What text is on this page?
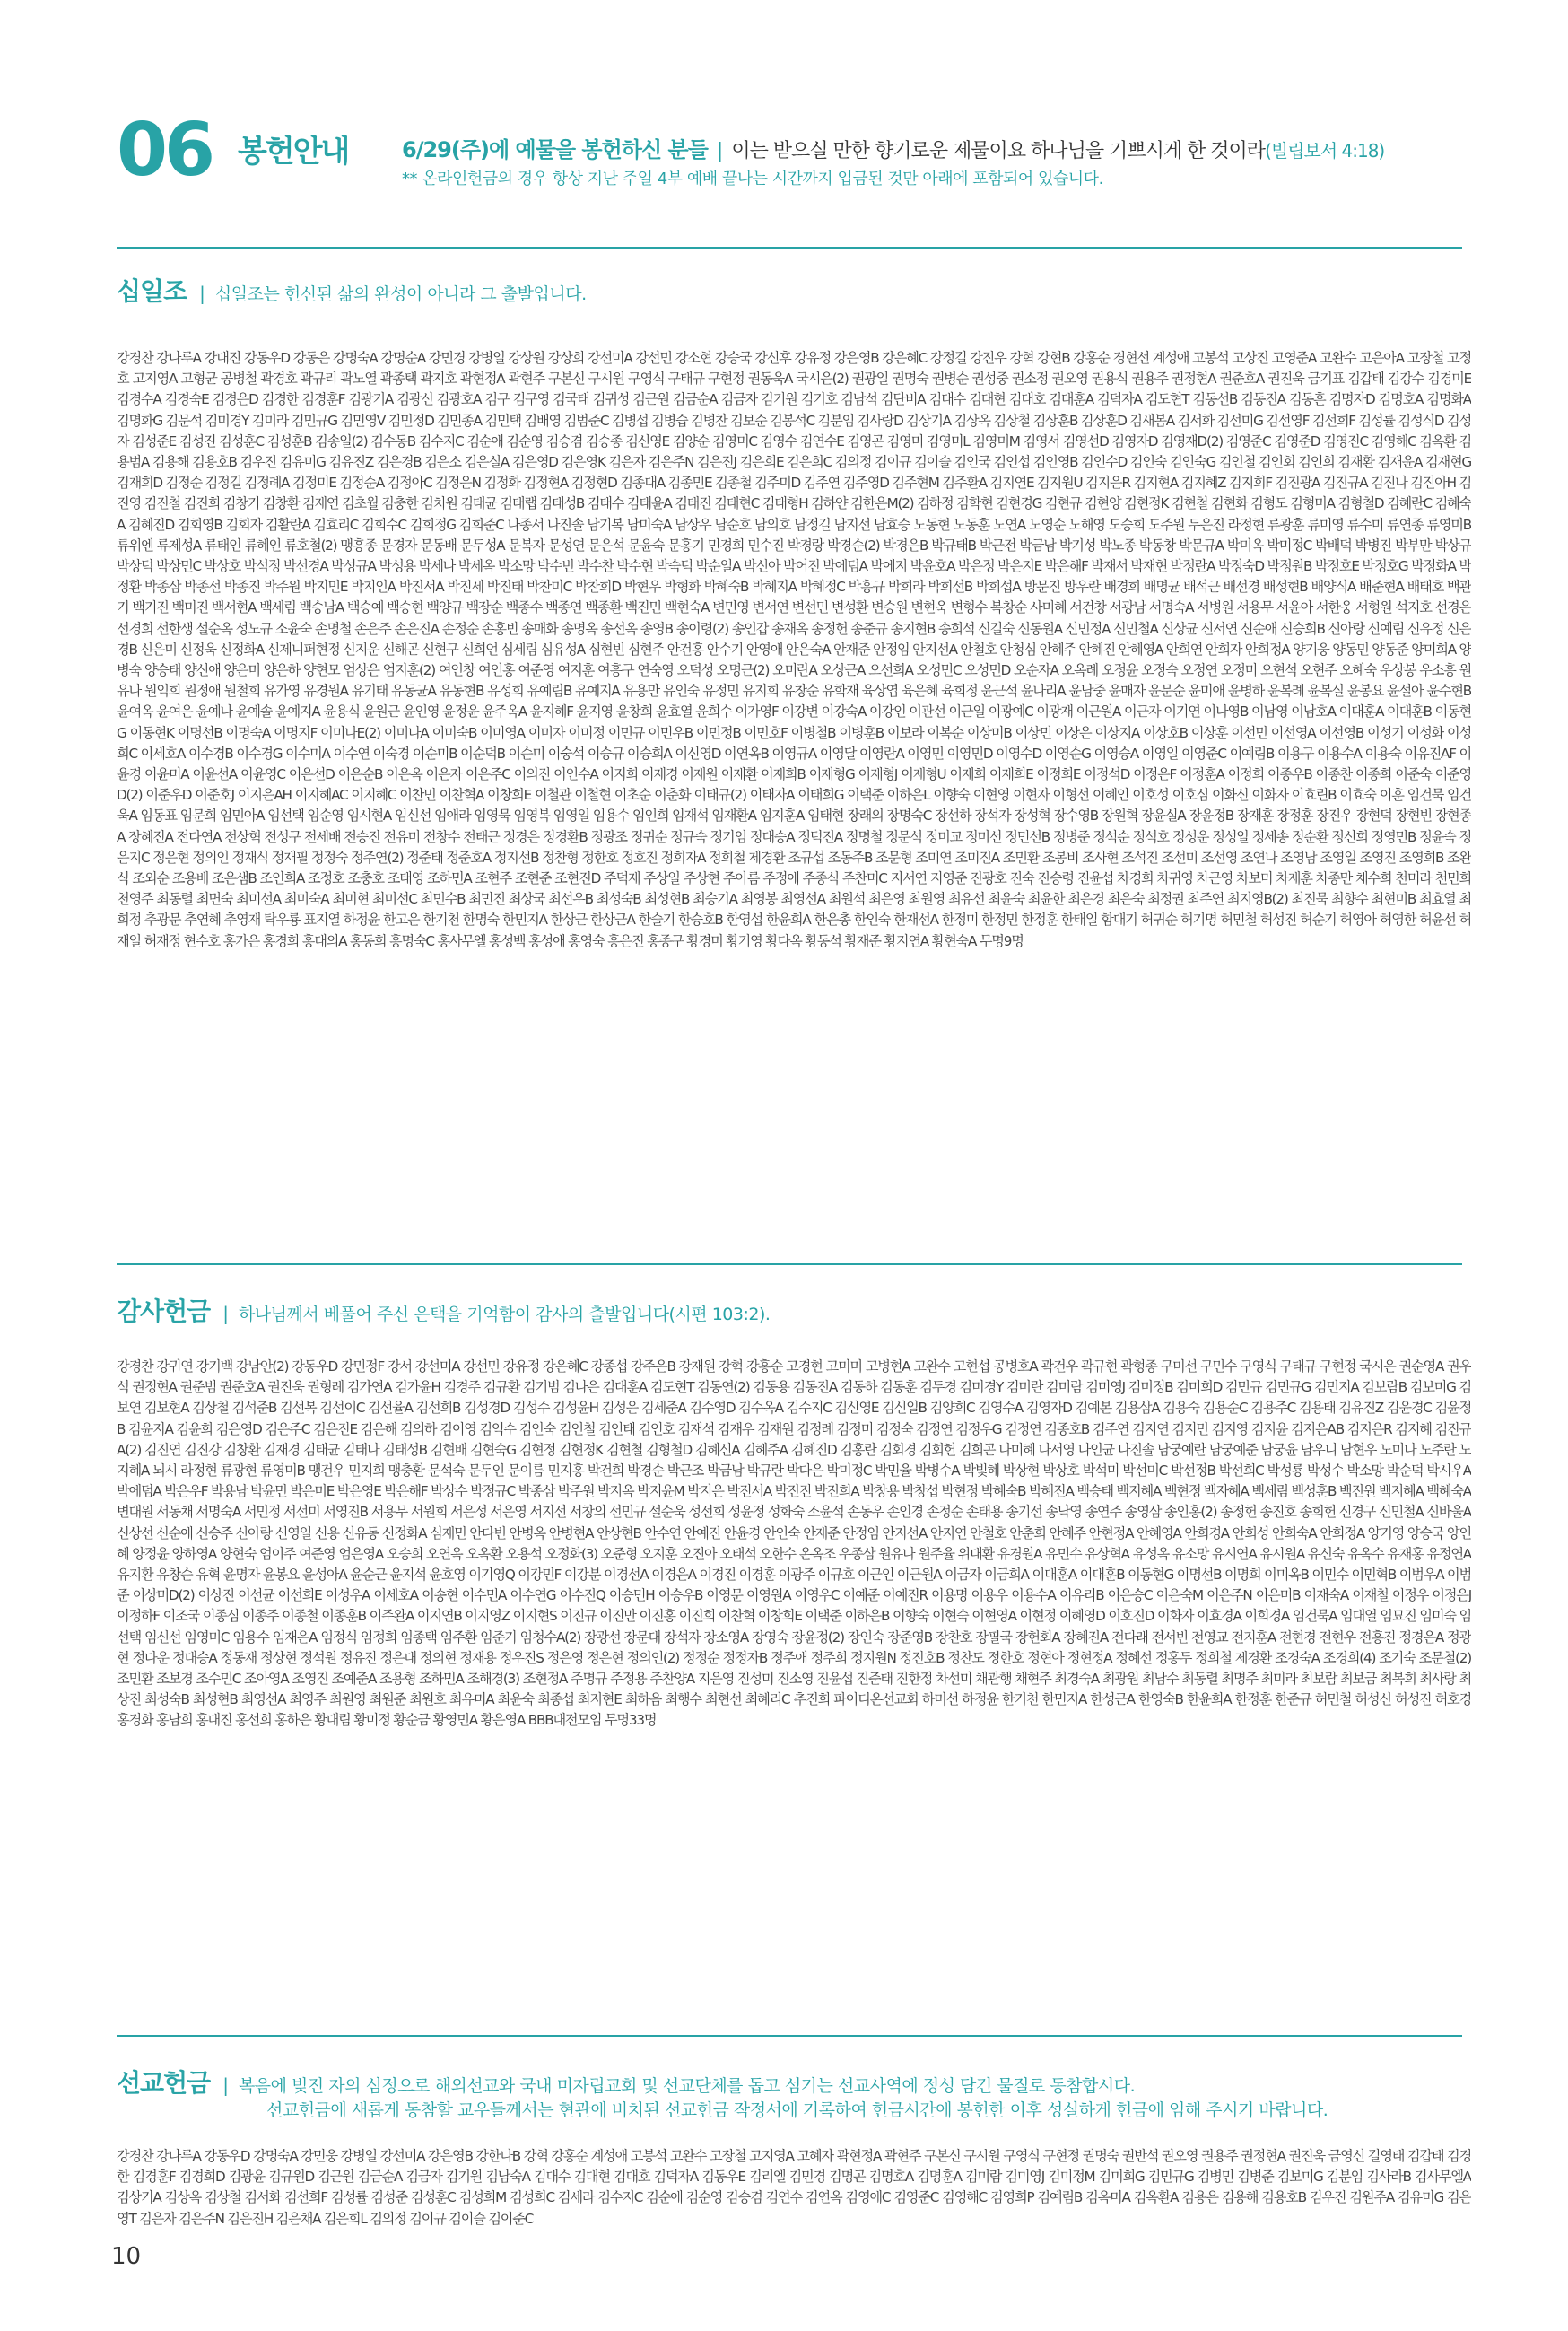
06 봉헌안내 6/29(주)에 예물을 봉헌하신 분들 | 이는 받으실 만한 향기로운 제물이요 하나님을 기쁘시게 한 것이라(빌립보서 4:18)
** 온라인헌금의 경우 항상 지난 주일 4부 예배 끝나는 시간까지 입금된 것만 아래에 포함되어 있습니다.
십일조 | 십일조는 헌신된 삶의 완성이 아니라 그 출발입니다.
강경찬 강나루A 강대진 강동우D 강동은 강명숙A 강명순A 강민경 강병일 강상원 강상희 강선미A 강선민 강소현 강승국 강신후 강유정 강은영B 강은혜C 강정길 강진우 강혁 강현B 강홍순 경현선 계성애 고봉석 고상진 고영준A 고완수 고은아A 고장철 고정호 고지영A 고형균 공병철 곽경호 곽규리 곽노열 곽종택 곽지호 곽현정A 곽현주 구본신 구시원 구영식 구태규 구현정 권동욱A 국시은(2) 권광일 권명숙 권병순 권성중 권소정 권오영 권용식 권용주 권정현A 권준호A 권진욱 금기표 김갑태 김강수 김경미E 김경수A 김경숙E 김경은D 김경한 김경훈F 김광기A 김광신 김광호A 김구 김구영 김국태 김귀성 김근원 김금순A 김금자 김기원 김기호 김남석 김단비A 김대수 김대현 김대호 김대훈A 김덕자A 김도현T 김동선B 김동진A 김동훈 김명자D 김명호A 김명화A 김명화G 김문석 김미경Y 김미라 김민규G 김민영V 김민정D 김민종A 김민택 김배영 김범준C 김병섭 김병습 김병찬 김보순 김봉석C 김분임 김사랑D 김상기A 김상옥 김상철 김상훈B 김상훈D 김새봄A 김서화 김선미G 김선영F 김선희F 김성률 김성식D 김성자 김성준E 김성진 김성훈C 김성훈B 김송일(2) 김수동B 김수지C 김순애 김순영 김승겸 김승종 김신영E 김양순 김영미C 김영수 김연수E 김영곤 김영미 김영미L 김영미M 김영서 김영선D 김영자D 김영재D(2) 김영준C 김영준D 김영진C 김영해C 김옥환 김용범A 김용해 김용호B 김우진 김유미G 김유진Z 김은경B 김은소 김은실A 김은영D 김은영K 김은자 김은주N 김은진J 김은희E 김은희C 김의정 김이규 김이슬 김인국 김인섭 김인영B 김인수D 김인숙 김인숙G 김인철 김인회 김인희 김재환 김재윤A 김재현G 김재희D 김정순 김정길 김정례A 김정미E 김정순A 김정아C 김정은N 김정화 김정현A 김정현D 김종대A 김종민E 김종철 김주미D 김주연 김주영D 김주현M 김주환A 김지연E 김지원U 김지은R 김지현A 김지혜Z 김지희F 김진광A 김진규A 김진나 김진아H 김진영 김진철 김진희 김창기 김창환 김재연 김초월 김충한 김치원 김태균 김태랩 김태성B 김태수 김태윤A 김태진 김태현C 김태형H 김하얀 김한은M(2) 김하정 김학현 김현경G 김현규 김현양 김현정K 김현철 김현화 김형도 김형미A 김형철D 김혜란C 김혜숙A 김혜진D 김회영B 김회자 김활란A 김효리C 김희수C 김희정G 김희준C 나종서 나진솔 남기복 남미숙A 남상우 남순호 남의호 남정길 남지선 남효승 노동현 노동훈 노연A 노영순 노해영 도승희 도주원 두은진 라정현 류광훈 류미영 류수미 류연종 류영미B 류위엔 류제성A 류태인 류혜인 류호철(2) 맹흥종 문경자 문동배 문두성A 문복자 문성연 문은석 문윤숙 문홍기 민경희 민수진 박경랑 박경순(2) 박경은B 박규태B 박근전 박금남 박기성 박노종 박동창 박문규A 박미옥 박미정C 박배덕 박병진 박부만 박상규 박상덕 박상민C 박상호 박석정 박선경A 박성규A 박성용 박세나 박세옥 박소망 박수빈 박수찬 박수현 박숙덕 박순일A 박신아 박어진 박에덤A 박에지 박윤호A 박은정 박은지E 박은해F 박재서 박재현 박정란A 박정숙D 박정원B 박정호E 박정호G 박정화A 박정환 박종삼 박종선 박종진 박주원 박지민E 박지인A 박진서A 박진세 박진태 박찬미C 박찬희D 박현우 박형화 박혜숙B 박혜지A 박혜정C 박홍규 박희라 박희선B 박희섭A 방문진 방우란 배경희 배명균 배석근 배선경 배성현B 배양식A 배준현A 배태호 백관기 백기진 백미진 백서현A 백세림 백승남A 백승예 백승현 백양규 백장순 백종수 백종연 백종환 백진민 백현숙A 변민영 변서연 변선민 변성환 변승원 변현욱 변형수 복창순 사미혜 서건창 서광남 서명숙A 서병원 서용무 서윤아 서한웅 서형원 석지호 선경은 선경희 선한생 설순옥 성노규 소윤숙 손명철 손은주 손은진A 손정순 손홍빈 송매화 송명옥 송선옥 송영B 송이령(2) 송인갑 송재옥 송정헌 송준규 송지현B 송희석 신길숙 신동원A 신민정A 신민철A 신상균 신서연 신순애 신승희B 신아랑 신예림 신유정 신은경B 신은미 신정욱 신정화A 신제니퍼현정 신지운 신해곤 신현구 신희언 심세림 심유성A 심현빈 심현주 안건홍 안수기 안영애 안은숙A 안재준 안정임 안지선A 안철호 안청심 안혜주 안혜진 안혜영A 안희연 안희자 안희정A 양기웅 양동민 양동준 양미희A 양병숙 양승태 양신애 양은미 양은하 양현모 엄상은 엄지훈(2) 여인창 여인홍 여준영 여지훈 여흥구 연숙영 오덕성 오명근(2) 오미란A 오상근A 오선희A 오성민C 오성민D 오순자A 오옥례 오정윤 오정숙 오정연 오정미 오현석 오현주 오혜숙 우상봉 우소흥 원유나 원익희 원정애 원철희 유가영 유경원A 유기태 유동균A 유동현B 유성희 유예림B 유예지A 유용만 유인숙 유정민 유지희 유창순 유학재 육상엽 육은혜 육희정 윤근석 윤나리A 윤남중 윤매자 윤문순 윤미애 윤병하 윤복례 윤복실 윤봉요 윤설아 윤수현B 윤여옥 윤여은 윤예나 윤예솔 윤예지A 윤용식 윤원근 윤인영 윤정윤 윤주옥A 윤지혜F 윤지영 윤창희 윤효열 윤희수 이가영F 이강변 이강숙A 이강인 이관선 이근일 이광예C 이광재 이근원A 이근자 이기연 이나영B 이남영 이남호A 이대훈A 이대훈B 이동현G 이동현K 이명선B 이명숙A 이명지F 이미나E(2) 이미나A 이미숙B 이미영A 이미자 이미정 이민규 이민우B 이민정B 이민호F 이병철B 이병훈B 이보라 이복순 이상미B 이상민 이상은 이상지A 이상호B 이상훈 이선민 이선영A 이선영B 이성기 이성화 이성희C 이세호A 이수경B 이수경G 이수미A 이수연 이숙경 이순미B 이순덕B 이순미 이숭석 이승규 이승희A 이신영D 이연옥B 이영규A 이영달 이영란A 이영민 이영민D 이영수D 이영순G 이영승A 이영일 이영준C 이예림B 이용구 이용수A 이용숙 이유진AF 이윤경 이윤미A 이윤선A 이윤영C 이은선D 이은순B 이은옥 이은자 이은주C 이의진 이인수A 이지희 이재경 이재원 이재환 이재희B 이재형G 이재형J 이재형U 이재희 이재희E 이정희E 이정석D 이정은F 이정훈A 이정희 이종우B 이종찬 이종희 이준숙 이준영D(2) 이준우D 이준호J 이지은AH 이지혜AC 이지혜C 이찬민 이찬혁A 이창희E 이철관 이철현 이초순 이춘화 이태규(2) 이태자A 이태희G 이택준 이하은L 이향숙 이현영 이현자 이형선 이혜인 이호성 이호심 이화신 이화자 이효린B 이효숙 이훈 임건묵 임건욱A 임동표 임문희 임민아A 임선택 임순영 임시현A 임신선 임애라 임영묵 임영복 임영일 임용수 임인희 임재석 임재환A 임지훈A 임태현 장래의 장명숙C 장선하 장석자 장성혁 장수영B 장원혁 장윤실A 장윤정B 장재훈 장정훈 장진우 장현덕 장현빈 장현종A 장혜진A 전다연A 전상혁 전성구 전세배 전승진 전유미 전창수 전태근 정경은 정경환B 정광조 정귀순 정규숙 정기임 정대승A 정덕진A 정명철 정문석 정미교 정미선 정민선B 정병준 정석순 정석호 정성운 정성일 정세송 정순환 정신희 정영민B 정윤숙 정은지C 정은현 정의인 정재식 정재필 정정숙 정주연(2) 정준태 정준호A 정지선B 정찬형 정한호 정호진 정희자A 정희철 제경환 조규섭 조동주B 조문형 조미연 조미진A 조민환 조봉비 조사현 조석진 조선미 조선영 조연나 조영남 조영일 조영진 조영희B 조완식 조외순 조용배 조은샘B 조인희A 조정호 조충호 조태영 조하민A 조현주 조현준 조현진D 주덕재 주상일 주상현 주아름 주정애 주종식 주찬미C 지서연 지영준 진광호 진숙 진승령 진윤섭 차경희 차귀영 차근영 차보미 차재훈 차종만 채수희 천미라 천민희 천영주 최동렬 최면숙 최미선A 최미숙A 최미현 최미선C 최민수B 최민진 최상국 최선우B 최성숙B 최성현B 최승기A 최영봉 최영선A 최원석 최은영 최원영 최유선 최윤숙 최윤한 최은경 최은숙 최정권 최주연 최지영B(2) 최진묵 최향수 최현미B 최효열 최희정 추광문 추연혜 추영재 탁우룡 표지열 하정윤 한고운 한기천 한명숙 한민지A 한상근 한상근A 한슬기 한승호B 한영섭 한윤희A 한은총 한인숙 한재선A 한정미 한정민 한정훈 한태일 함대기 허귀순 허기명 허민철 허성진 허순기 허영아 허영한 허윤선 허재일 허재정 현수호 홍가은 홍경희 홍대의A 홍동희 홍명숙C 홍사무엘 홍성백 홍성애 홍영숙 홍은진 홍종구 황경미 황기영 황다옥 황동석 황재준 황지연A 황현숙A 무명9명
감사헌금 | 하나님께서 베풀어 주신 은택을 기억함이 감사의 출발입니다(시편 103:2).
강경찬 강귀연 강기백 강남안(2) 강동우D 강민정F 강서 강선미A 강선민 강유정 강은혜C 강종섭 강주은B 강재원 강혁 강홍순 고경현 고미미 고병현A 고완수 고현섭 공병호A 곽건우 곽규현 곽형종 구미선 구민수 구영식 구태규 구현정 국시은 권순영A 권우석 권정현A 권준범 권준호A 권진욱 권형례 김가연A 김가윤H 김경주 김규환 김기범 김나은 김대훈A 김도현T 김동연(2) 김동용 김동진A 김동하 김동훈 김두경 김미경Y 김미란 김미람 김미영J 김미정B 김미희D 김민규 김민규G 김민지A 김보람B 김보미G 김보연 김보현A 김상철 김석준B 김선복 김선이C 김선율A 김선희B 김성경D 김성수 김성윤H 김성은 김세준A 김수영D 김수옥A 김수지C 김신영E 김신일B 김양희C 김영수A 김영자D 김예본 김용삼A 김용숙 김용순C 김용주C 김용태 김유진Z 김윤경C 김윤정B 김윤지A 김윤희 김은영D 김은주C 김은진E 김은해 김의하 김이영 김익수 김인숙 김인철 김인태 김인호 김재석 김재우 김재원 김정례 김정미 김정숙 김정연 김정우G 김정연 김종호B 김주연 김지연 김지민 김지영 김지윤 김지은AB 김지은R 김지혜 김진규A(2) 김진연 김진강 김창환 김재경 김태균 김태나 김태성B 김현배 김현숙G 김현정 김현정K 김현철 김형철D 김혜신A 김혜주A 김혜진D 김홍란 김회경 김회헌 김희곤 나미혜 나서영 나인균 나진솔 남궁예란 남궁예준 남궁윤 남우니 남현우 노미나 노주란 노지혜A 뇌시 라정현 류광현 류영미B 맹건우 민지희 맹충환 문석숙 문두인 문이름 민지홍 박건희 박경순 박근조 박금남 박규란 박다은 박미정C 박민율 박병수A 박빛혜 박상현 박상호 박석미 박선미C 박선정B 박선희C 박성룡 박성수 박소망 박순덕 박시우A 박에덤A 박은우F 박용남 박윤민 박은미E 박은영E 박은해F 박상수 박정규C 박종삼 박주원 박지옥 박지윤M 박지은 박진서A 박진진 박진희A 박창용 박창섭 박현정 박혜숙B 박혜진A 백승태 백지혜A 백현정 백자혜A 백세림 백성훈B 백진원 백지혜A 백혜숙A 변대원 서동채 서명숙A 서민정 서선미 서영진B 서용무 서원희 서은성 서은영 서지선 서창의 선민규 설순욱 성선희 성윤정 성화숙 소윤석 손동우 손인경 손정순 손태용 송기선 송낙영 송연주 송영삼 송인홍(2) 송정헌 송진호 송희헌 신경구 신민철A 신바울A 신상선 신순애 신승주 신아랑 신영일 신용 신유동 신정화A 심재민 안다빈 안병옥 안병현A 안상현B 안수연 안예진 안윤경 안인숙 안재준 안정임 안지선A 안지연 안철호 안춘희 안혜주 안현정A 안혜영A 안희경A 안희성 안희숙A 안희정A 양기영 양승국 양인혜 양정윤 양하영A 양현숙 엄이주 여준영 엄은영A 오승희 오연옥 오옥환 오용석 오정화(3) 오준형 오지훈 오진아 오태석 오한수 온옥조 우종삼 원유나 원주율 위대환 유경원A 유민수 유상혁A 유성옥 유소망 유시연A 유시원A 유신숙 유옥수 유재홍 유정연A 유지환 유창순 유혁 윤명자 윤봉요 윤성아A 윤순근 윤지석 윤호영 이기영Q 이강민F 이강분 이경선A 이경은A 이경진 이경훈 이광주 이규호 이근인 이근원A 이금자 이금희A 이대훈A 이대훈B 이동현G 이명선B 이명희 이미옥B 이민수 이민혁B 이범우A 이범준 이상미D(2) 이상진 이선균 이선희E 이성우A 이세호A 이송현 이수민A 이수연G 이수진Q 이승민H 이승우B 이영문 이영원A 이영우C 이예준 이예진R 이용명 이용우 이용수A 이유리B 이은승C 이은숙M 이은주N 이은미B 이재숙A 이재철 이정우 이정은J 이정하F 이조국 이종심 이종주 이종철 이종훈B 이주완A 이지연B 이지영Z 이지현S 이진규 이진만 이진홍 이진희 이찬혁 이창희E 이택준 이하은B 이향숙 이현숙 이현영A 이현정 이혜영D 이호진D 이화자 이효경A 이희경A 임건묵A 임대열 임묘진 임미숙 임선택 임신선 임영미C 임용수 임재은A 임정식 임정희 임종택 임주환 임준기 임청수A(2) 장광선 장문대 장석자 장소영A 장영숙 장윤정(2) 장인숙 장준영B 장찬호 장필국 장헌회A 장혜진A 전다래 전서빈 전영교 전지훈A 전현경 전현우 전홍진 정경은A 정광현 정다운 정대승A 정동재 정상현 정석원 정유진 정은대 정의현 정재용 정우진S 정은영 정은현 정의인(2) 정정순 정정자B 정주애 정주희 정지원N 정진호B 정찬도 정한호 정현아 정현정A 정혜선 정홍두 정희철 제경환 조경숙A 조경희(4) 조기숙 조문철(2) 조민환 조보경 조수민C 조아영A 조영진 조예준A 조용형 조하민A 조해경(3) 조현정A 주명규 주정용 주찬양A 지은영 진성미 진소영 진윤섭 진준태 진한정 차선미 채관행 채현주 최경숙A 최광원 최남수 최동렬 최명주 최미라 최보람 최보금 최복희 최사랑 최상진 최성숙B 최성현B 최영선A 최영주 최원영 최원준 최원호 최유미A 최윤숙 최종섭 최지현E 최하음 최행수 최현선 최혜리C 추진희 파이디온선교회 하미선 하정윤 한기천 한민지A 한성근A 한영숙B 한윤희A 한정훈 한준규 허민철 허성신 허성진 허호경 홍경화 홍남희 홍대진 홍선희 홍하은 황대림 황미정 황순금 황영민A 황은영A BBB대전모임 무명33명
선교헌금 | 복음에 빚진 자의 심정으로 해외선교와 국내 미자립교회 및 선교단체를 돕고 섬기는 선교사역에 정성 담긴 물질로 동참합시다.
선교헌금에 새롭게 동참할 교우들께서는 현관에 비치된 선교헌금 작정서에 기록하여 헌금시간에 봉헌한 이후 성실하게 헌금에 임해 주시기 바랍니다.
강경찬 강나루A 강동우D 강명숙A 강민웅 강병일 강선미A 강은영B 강한나B 강혁 강홍순 계성애 고봉석 고완수 고장철 고지영A 고혜자 곽현정A 곽현주 구본신 구시원 구영식 구현정 권명숙 권반석 권오영 권용주 권정현A 권진욱 금영신 길영태 김갑태 김경한 김경훈F 김경희D 김광윤 김규원D 김근원 김금순A 김금자 김기원 김남숙A 김대수 김대현 김대호 김덕자A 김동우E 김리엘 김민경 김명곤 김명호A 김명훈A 김미람 김미영J 김미정M 김미희G 김민규G 김병민 김병준 김보미G 김분임 김사라B 김사무엘A 김상기A 김상옥 김상철 김서화 김선희F 김성률 김성준 김성훈C 김성희M 김성희C 김세라 김수지C 김순애 김순영 김승겸 김연수 김연옥 김영애C 김영준C 김영해C 김영희P 김예림B 김옥미A 김옥환A 김용은 김용해 김용호B 김우진 김원주A 김유미G 김은영T 김은자 김은주N 김은진H 김은채A 김은희L 김의정 김이규 김이슬 김이준C
10
